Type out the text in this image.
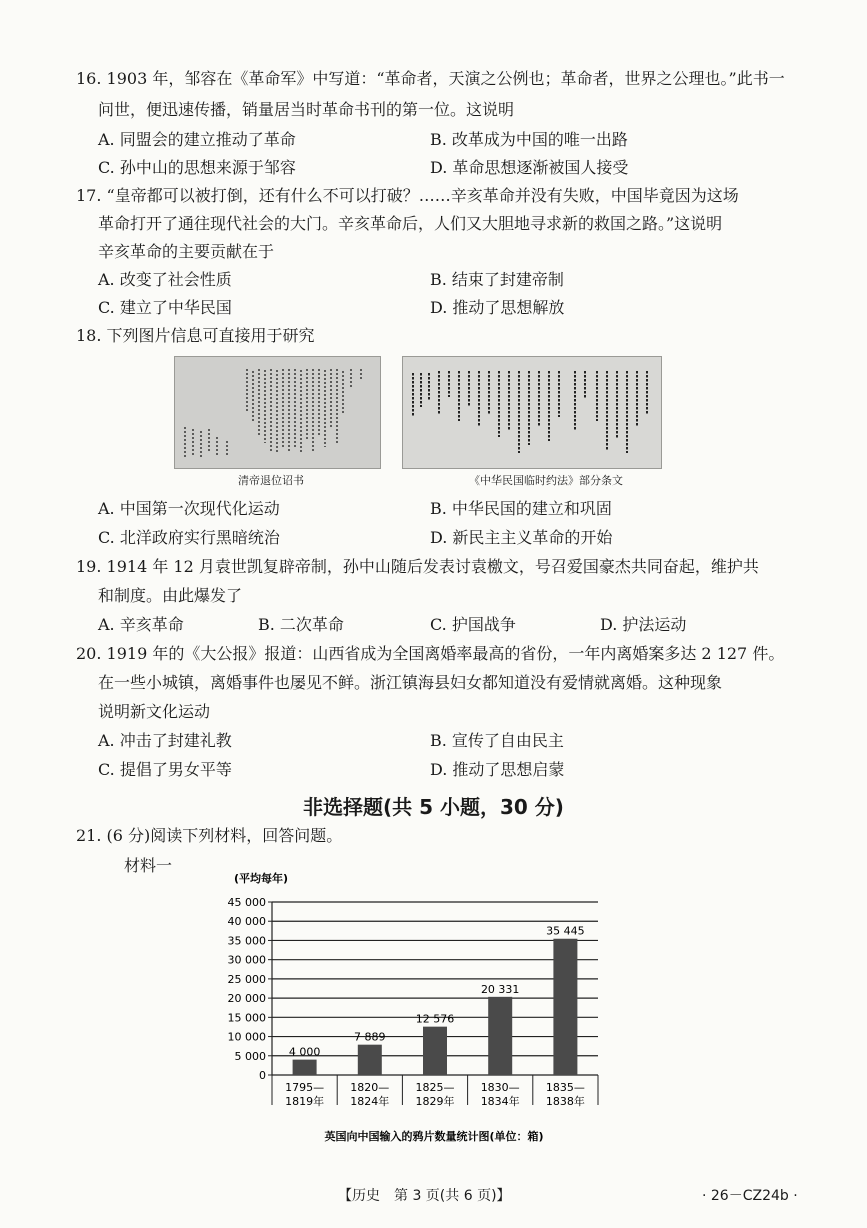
16. 1903 年，邹容在《革命军》中写道：“革命者，天演之公例也；革命者，世界之公理也。”此书一
问世，便迅速传播，销量居当时革命书刊的第一位。这说明
A. 同盟会的建立推动了革命	B. 改革成为中国的唯一出路
C. 孙中山的思想来源于邹容	D. 革命思想逐渐被国人接受
17. “皇帝都可以被打倒，还有什么不可以打破？……辛亥革命并没有失败，中国毕竟因为这场
革命打开了通往现代社会的大门。辛亥革命后，人们又大胆地寻求新的救国之路。”这说明
辛亥革命的主要贡献在于
A. 改变了社会性质	B. 结束了封建帝制
C. 建立了中华民国	D. 推动了思想解放
18. 下列图片信息可直接用于研究
清帝退位诏书	《中华民国临时约法》部分条文
A. 中国第一次现代化运动	B. 中华民国的建立和巩固
C. 北洋政府实行黑暗统治	D. 新民主主义革命的开始
19. 1914 年 12 月袁世凯复辟帝制，孙中山随后发表讨袁檄文，号召爱国豪杰共同奋起，维护共
和制度。由此爆发了
A. 辛亥革命	B. 二次革命	C. 护国战争	D. 护法运动
20. 1919 年的《大公报》报道：山西省成为全国离婚率最高的省份，一年内离婚案多达 2 127 件。
在一些小城镇，离婚事件也屡见不鲜。浙江镇海县妇女都知道没有爱情就离婚。这种现象
说明新文化运动
A. 冲击了封建礼教	B. 宣传了自由民主
C. 提倡了男女平等	D. 推动了思想启蒙
非选择题(共 5 小题，30 分)
21. (6 分)阅读下列材料，回答问题。
材料一
(平均每年)
0
5 000
10 000
15 000
20 000
25 000
30 000
35 000
40 000
45 000
4 000
7 889
12 576
20 331
35 445
1795—
1819年
1820—
1824年
1825—
1829年
1830—
1834年
1835—
1838年
英国向中国输入的鸦片数量统计图(单位：箱)
【历史　第 3 页(共 6 页)】	· 26－CZ24b ·
